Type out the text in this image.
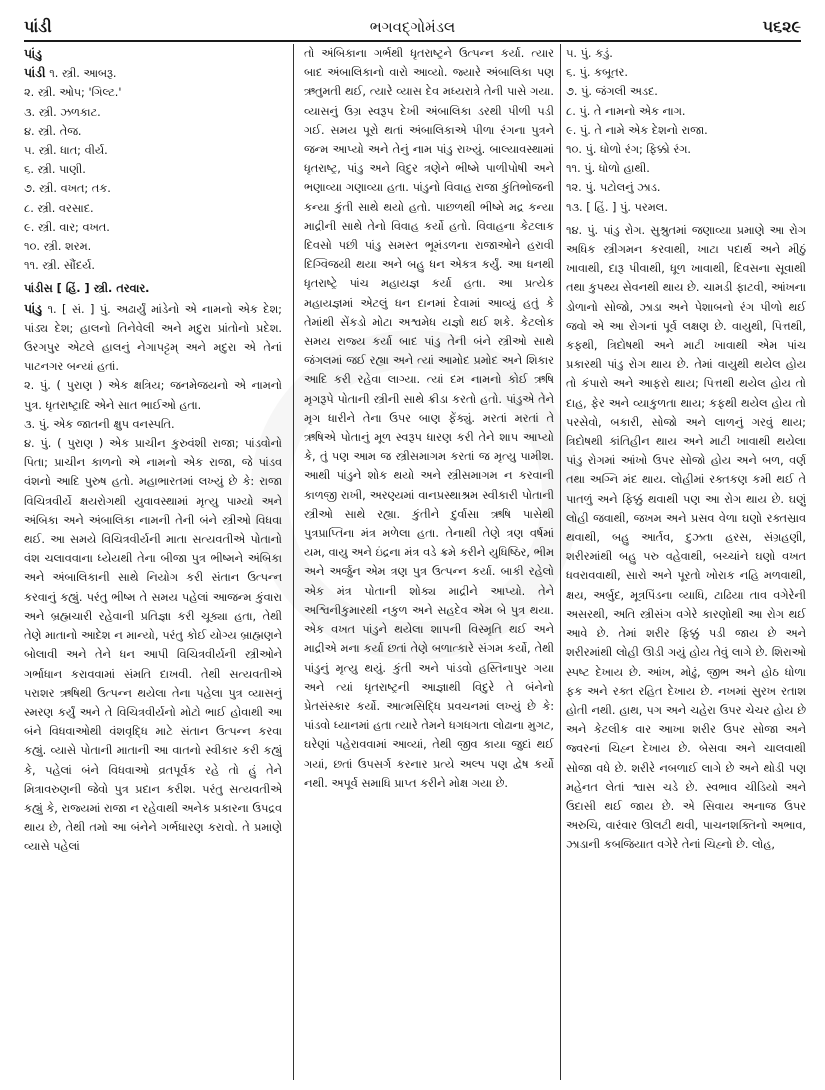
પાંડી	ભગવદ્ગોમંડલ	૫૬૨૯

પાંડુ

પાંડી ૧. સ્ત્રી. આબરૂ.

૨. સ્ત્રી. ઓપ; 'ગિલ્ટ.'

૩. સ્ત્રી. ઝળકાટ.

૪. સ્ત્રી. તેજ.

૫. સ્ત્રી. ધાત; વીર્ય.

૬. સ્ત્રી. પાણી.

૭. સ્ત્રી. વખત; તક.

૮. સ્ત્રી. વરસાદ.

૯. સ્ત્રી. વાર; વખત.

૧૦. સ્ત્રી. શરમ.

૧૧. સ્ત્રી. સૌંદર્ય.

પાંડીસ [ હિં. ] સ્ત્રી. તરવાર.

પાંડુ ૧. [ સં. ] પું. અઢાર્યું માંડેનો એ નામનો એક દેશ; પાંડ્ય દેશ; હાલનો તિનેવેલી અને મદુરા પ્રાંતોનો પ્રદેશ. ઉરગપુર એટલે હાલનું નેગાપટ્ટમ્ અને મદુરા એ તેનાં પાટનગર બન્યાં હતાં.

૨. પું. ( પુરાણ ) એક ક્ષત્રિય; જનમેજયનો એ નામનો પુત્ર. ધૃતરાષ્ટ્રાદિ એને સાત ભાઈઓ હતા.

૩. પું. એક જાતની ક્ષુપ વનસ્પતિ.

૪. પું. ( પુરાણ ) એક પ્રાચીન કુરુવંશી રાજા; પાંડવોનો પિતા; પ્રાચીન કાળનો એ નામનો એક રાજા, જે પાંડવ વંશનો આદિ પુરુષ હતો. મહાભારતમાં લખ્યું છે કે: રાજા વિચિત્રવીર્યે ક્ષયરોગથી યુવાવસ્થામાં મૃત્યુ પામ્યો અને અંબિકા અને અંબાલિકા નામની તેની બંને સ્ત્રીઓ વિધવા થઈ. આ સમયે વિચિત્રવીર્યની માતા સત્યવતીએ પોતાનો વંશ ચલાવવાના ધ્યેયથી તેના બીજા પુત્ર ભીષ્મને અંબિકા અને અંબાલિકાની સાથે નિયોગ કરી સંતાન ઉત્પન્ન કરવાનું કહ્યું. પરંતુ ભીષ્મ તે સમય પહેલાં આજન્મ કુંવારા અને બ્રહ્મચારી રહેવાની પ્રતિજ્ઞા કરી ચૂક્યા હતા, તેથી તેણે માતાનો આદેશ ન માન્યો, પરંતુ કોઈ યોગ્ય બ્રાહ્મણને બોલાવી અને તેને ધન આપી વિચિત્રવીર્યની સ્ત્રીઓને ગર્ભાધાન કરાવવામાં સંમતિ દાખવી. તેથી સત્યવતીએ પરાશર ઋષિથી ઉત્પન્ન થયેલા તેના પહેલા પુત્ર વ્યાસનું સ્મરણ કર્યું અને તે વિચિત્રવીર્યનો મોટો ભાઈ હોવાથી આ બંને વિધવાઓથી વંશવૃદ્ધિ માટે સંતાન ઉત્પન્ન કરવા કહ્યું. વ્યાસે પોતાની માતાની આ વાતનો સ્વીકાર કરી કહ્યું કે, પહેલાં બંને વિધવાઓ વ્રતપૂર્વક રહે તો હું તેને મિત્રાવરુણની જેવો પુત્ર પ્રદાન કરીશ. પરંતુ સત્યવતીએ કહ્યું કે, રાજ્યમાં રાજા ન રહેવાથી અનેક પ્રકારના ઉપદ્રવ થાય છે, તેથી તમો આ બંનેને ગર્ભધારણ કરાવો. તે પ્રમાણે વ્યાસે પહેલાં

તો અંબિકાના ગર્ભથી ધૃતરાષ્ટ્રને ઉત્પન્ન કર્યા. ત્યાર બાદ અંબાલિકાનો વારો આવ્યો. જ્યારે અંબાલિકા પણ ઋતુમતી થઈ, ત્યારે વ્યાસ દેવ મધ્યરાત્રે તેની પાસે ગયા. વ્યાસનું ઉગ્ર સ્વરૂપ દેખી અંબાલિકા ડરથી પીળી પડી ગઈ. સમય પૂરો થતાં અંબાલિકાએ પીળા રંગના પુત્રને જન્મ આપ્યો અને તેનું નામ પાંડુ રાખ્યું. બાલ્યાવસ્થામાં ધૃતરાષ્ટ્ર, પાંડુ અને વિદુર ત્રણેને ભીષ્મે પાળીપોષી અને ભણાવ્યા ગણાવ્યા હતા. પાંડુનો વિવાહ રાજા કુંતિભોજની કન્યા કુંતી સાથે થયો હતો. પાછળથી ભીષ્મે મદ્ર કન્યા માદ્રીની સાથે તેનો વિવાહ કર્યો હતો. વિવાહના કેટલાક દિવસો પછી પાંડુ સમસ્ત ભૂમંડળના રાજાઓને હરાવી દિગ્વિજયી થયા અને બહુ ધન એકત્ર કર્યું. આ ધનથી ધૃતરાષ્ટ્રે પાંચ મહાયજ્ઞ કર્યા હતા. આ પ્રત્યેક મહાયજ્ઞમાં એટલું ધન દાનમાં દેવામાં આવ્યું હતું કે તેમાંથી સેંકડો મોટા અશ્વમેધ યજ્ઞો થઈ શકે. કેટલોક સમય રાજ્ય કર્યા બાદ પાંડુ તેની બંને સ્ત્રીઓ સાથે જંગલમાં જઈ રહ્યા અને ત્યાં આમોદ પ્રમોદ અને શિકાર આદિ કરી રહેવા લાગ્યા. ત્યાં દમ નામનો કોઈ ઋષિ મૃગરૂપે પોતાની સ્ત્રીની સાથે ક્રીડા કરતો હતો. પાંડુએ તેને મૃગ ધારીને તેના ઉપર બાણ ફેંક્યું. મરતાં મરતાં તે ઋષિએ પોતાનું મૂળ સ્વરૂપ ધારણ કરી તેને શાપ આપ્યો કે, તું પણ આમ જ સ્ત્રીસમાગમ કરતાં જ મૃત્યુ પામીશ. આથી પાંડુને શોક થયો અને સ્ત્રીસમાગમ ન કરવાની કાળજી રાખી, અરણ્યમાં વાનપ્રસ્થાશ્રમ સ્વીકારી પોતાની સ્ત્રીઓ સાથે રહ્યા. કુંતીને દુર્વાસા ઋષિ પાસેથી પુત્રપ્રાપ્તિના મંત્ર મળેલા હતા. તેનાથી તેણે ત્રણ વર્ષમાં યમ, વાયુ અને ઇંદ્રના મંત્ર વડે ક્રમે કરીને યુધિષ્ઠિર, ભીમ અને અર્જુન એમ ત્રણ પુત્ર ઉત્પન્ન કર્યા. બાકી રહેલો એક મંત્ર પોતાની શોક્ય માદ્રીને આપ્યો. તેને અશ્વિનીકુમારથી નકુળ અને સહદેવ એમ બે પુત્ર થયા. એક વખત પાંડુને થયેલા શાપની વિસ્મૃતિ થઈ અને માદ્રીએ મના કર્યા છતાં તેણે બળાત્કારે સંગમ કર્યો, તેથી પાંડુનું મૃત્યુ થયું. કુંતી અને પાંડવો હસ્તિનાપુર ગયા અને ત્યાં ધૃતરાષ્ટ્રની આજ્ઞાથી વિદુરે તે બંનેનો પ્રેતસંસ્કાર કર્યો. આત્મસિદ્ધિ પ્રવચનમાં લખ્યું છે કે: પાંડવો ધ્યાનમાં હતા ત્યારે તેમને ધગધગતા લોઢાના મુગટ, ઘરેણાં પહેરાવવામાં આવ્યાં, તેથી જીવ કાયા જુદાં થઈ ગયાં, છતાં ઉપસર્ગ કરનાર પ્રત્યે અલ્પ પણ દ્વેષ કર્યો નથી. અપૂર્વ સમાધિ પ્રાપ્ત કરીને મોક્ષ ગયા છે.

૫. પું. કડું.

૬. પું. કબૂતર.

૭. પું. જંગલી અડદ.

૮. પું. તે નામનો એક નાગ.

૯. પું. તે નામે એક દેશનો રાજા.

૧૦. પું. ધોળો રંગ; ફિક્કો રંગ.

૧૧. પું. ધોળો હાથી.

૧૨. પું. પટોલનું ઝાડ.

૧૩. [ હિં. ] પું. પરમલ.

૧૪. પું. પાંડુ રોગ. સુશ્રુતમાં જણાવ્યા પ્રમાણે આ રોગ અધિક સ્ત્રીગમન કરવાથી, ખાટા પદાર્થ અને મીઠું ખાવાથી, દારૂ પીવાથી, ધૂળ ખાવાથી, દિવસના સૂવાથી તથા કુપથ્ય સેવનથી થાય છે. ચામડી ફાટવી, આંખના ડોળાનો સોજો, ઝાડા અને પેશાબનો રંગ પીળો થઈ જવો એ આ રોગનાં પૂર્વ લક્ષણ છે. વાયુથી, પિત્તથી, કફથી, ત્રિદોષથી અને માટી ખાવાથી એમ પાંચ પ્રકારથી પાંડુ રોગ થાય છે. તેમાં વાયુથી થયેલ હોય તો કંપારો અને આફરો થાય; પિત્તથી થયેલ હોય તો દાહ, ફેર અને વ્યાકુળતા થાય; કફથી થયેલ હોય તો પરસેવો, બકારી, સોજો અને લાળનું ગરવું થાય; ત્રિદોષથી કાંતિહીન થાય અને માટી ખાવાથી થયેલા પાંડુ રોગમાં આંખો ઉપર સોજો હોય અને બળ, વર્ણ તથા અગ્નિ મંદ થાય. લોહીમાં રક્તકણ કમી થઈ તે પાતળું અને ફિક્કું થવાથી પણ આ રોગ થાય છે. ઘણું લોહી જવાથી, જખમ અને પ્રસવ વેળા ઘણો રક્તસ્રાવ થવાથી, બહુ આર્તવ, દુઝતા હરસ, સંગ્રહણી, શરીરમાંથી બહુ પરુ વહેવાથી, બચ્ચાંને ઘણો વખત ધવરાવવાથી, સારો અને પૂરતો ખોરાક નહિ મળવાથી, ક્ષય, અર્બુદ, મૂત્રપિંડના વ્યાધિ, ટાઢિયા તાવ વગેરેની અસરથી, અતિ સ્ત્રીસંગ વગેરે કારણોથી આ રોગ થઈ આવે છે. તેમાં શરીર ફિક્કું પડી જાય છે અને શરીરમાંથી લોહી ઊડી ગયું હોય તેવું લાગે છે. શિરાઓ સ્પષ્ટ દેખાય છે. આંખ, મોઢું, જીભ અને હોઠ ધોળા ફક અને રક્ત રહિત દેખાય છે. નખમાં સુરખ રતાશ હોતી નથી. હાથ, પગ અને ચહેરા ઉપર ચેચર હોય છે અને કેટલીક વાર આખા શરીર ઉપર સોજા અને જ્વરનાં ચિહ્ન દેખાય છે. બેસવા અને ચાલવાથી સોજા વધે છે. શરીરે નબળાઈ લાગે છે અને થોડી પણ મહેનત લેતાં શ્વાસ ચડે છે. સ્વભાવ ચીડિયો અને ઉદાસી થઈ જાય છે. એ સિવાય અનાજ ઉપર અરુચિ, વારંવાર ઊલટી થવી, પાચનશક્તિનો અભાવ, ઝાડાની કબજિયાત વગેરે તેનાં ચિહ્નો છે. લોહ,
